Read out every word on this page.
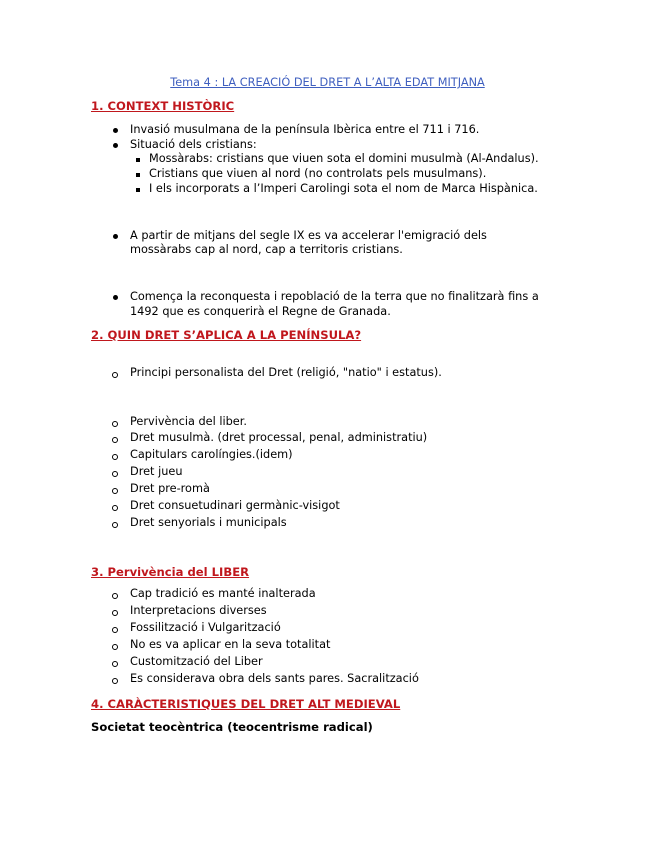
Tema 4 : LA CREACIÓ DEL DRET A L’ALTA EDAT MITJANA
1. CONTEXT HISTÒRIC
Invasió musulmana de la península Ibèrica entre el 711 i 716.
Situació dels cristians:
Mossàrabs: cristians que viuen sota el domini musulmà (Al-Andalus).
Cristians que viuen al nord (no controlats pels musulmans).
I els incorporats a l’Imperi Carolingi sota el nom de Marca Hispànica.
A partir de mitjans del segle IX es va accelerar l'emigració dels
mossàrabs cap al nord, cap a territoris cristians.
Comença la reconquesta i repoblació de la terra que no finalitzarà fins a
1492 que es conquerirà el Regne de Granada.
2. QUIN DRET S’APLICA A LA PENÍNSULA?
Principi personalista del Dret (religió, "natio" i estatus).
Pervivència del liber.
Dret musulmà. (dret processal, penal, administratiu)
Capitulars carolíngies.(idem)
Dret jueu
Dret pre-romà
Dret consuetudinari germànic-visigot
Dret senyorials i municipals
3. Pervivència del LIBER
Cap tradició es manté inalterada
Interpretacions diverses
Fossilització i Vulgarització
No es va aplicar en la seva totalitat
Customització del Liber
Es considerava obra dels sants pares. Sacralització
4. CARÀCTERISTIQUES DEL DRET ALT MEDIEVAL
Societat teocèntrica (teocentrisme radical)
